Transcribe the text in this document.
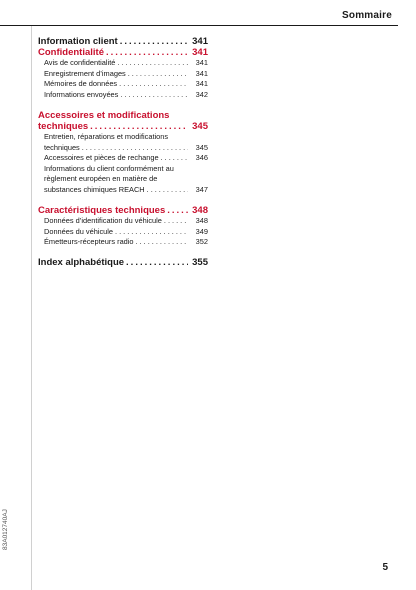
Sommaire
Information client .....	341
Confidentialité .....	341
Avis de confidentialité .....	341
Enregistrement d’images .....	341
Mémoires de données .....	341
Informations envoyées .....	342
Accessoires et modifications
techniques .....	345
Entretien, réparations et modifications
techniques .....	345
Accessoires et pièces de rechange .....	346
Informations du client conformément au
règlement européen en matière de
substances chimiques REACH .....	347
Caractéristiques techniques .....	348
Données d’identification du véhicule .....	348
Données du véhicule .....	349
Émetteurs-récepteurs radio .....	352
Index alphabétique .....	355
83A012740AJ
5
